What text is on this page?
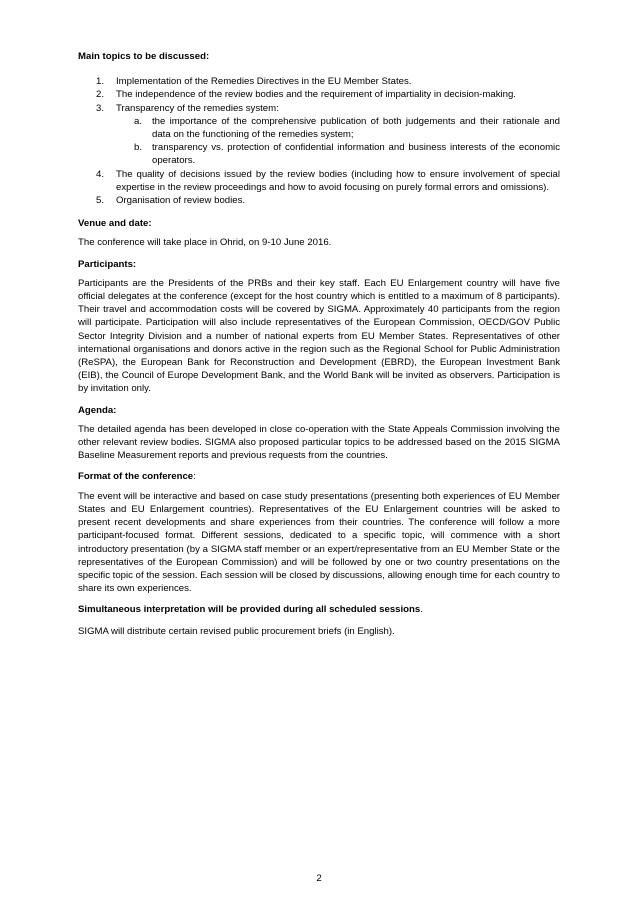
Main topics to be discussed:
1. Implementation of the Remedies Directives in the EU Member States.
2. The independence of the review bodies and the requirement of impartiality in decision-making.
3. Transparency of the remedies system:
a. the importance of the comprehensive publication of both judgements and their rationale and data on the functioning of the remedies system;
b. transparency vs. protection of confidential information and business interests of the economic operators.
4. The quality of decisions issued by the review bodies (including how to ensure involvement of special expertise in the review proceedings and how to avoid focusing on purely formal errors and omissions).
5. Organisation of review bodies.
Venue and date:
The conference will take place in Ohrid, on 9-10 June 2016.
Participants:
Participants are the Presidents of the PRBs and their key staff. Each EU Enlargement country will have five official delegates at the conference (except for the host country which is entitled to a maximum of 8 participants). Their travel and accommodation costs will be covered by SIGMA. Approximately 40 participants from the region will participate. Participation will also include representatives of the European Commission, OECD/GOV Public Sector Integrity Division and a number of national experts from EU Member States. Representatives of other international organisations and donors active in the region such as the Regional School for Public Administration (ReSPA), the European Bank for Reconstruction and Development (EBRD), the European Investment Bank (EIB), the Council of Europe Development Bank, and the World Bank will be invited as observers. Participation is by invitation only.
Agenda:
The detailed agenda has been developed in close co-operation with the State Appeals Commission involving the other relevant review bodies. SIGMA also proposed particular topics to be addressed based on the 2015 SIGMA Baseline Measurement reports and previous requests from the countries.
Format of the conference:
The event will be interactive and based on case study presentations (presenting both experiences of EU Member States and EU Enlargement countries). Representatives of the EU Enlargement countries will be asked to present recent developments and share experiences from their countries. The conference will follow a more participant-focused format. Different sessions, dedicated to a specific topic, will commence with a short introductory presentation (by a SIGMA staff member or an expert/representative from an EU Member State or the representatives of the European Commission) and will be followed by one or two country presentations on the specific topic of the session. Each session will be closed by discussions, allowing enough time for each country to share its own experiences.
Simultaneous interpretation will be provided during all scheduled sessions.
SIGMA will distribute certain revised public procurement briefs (in English).
2
